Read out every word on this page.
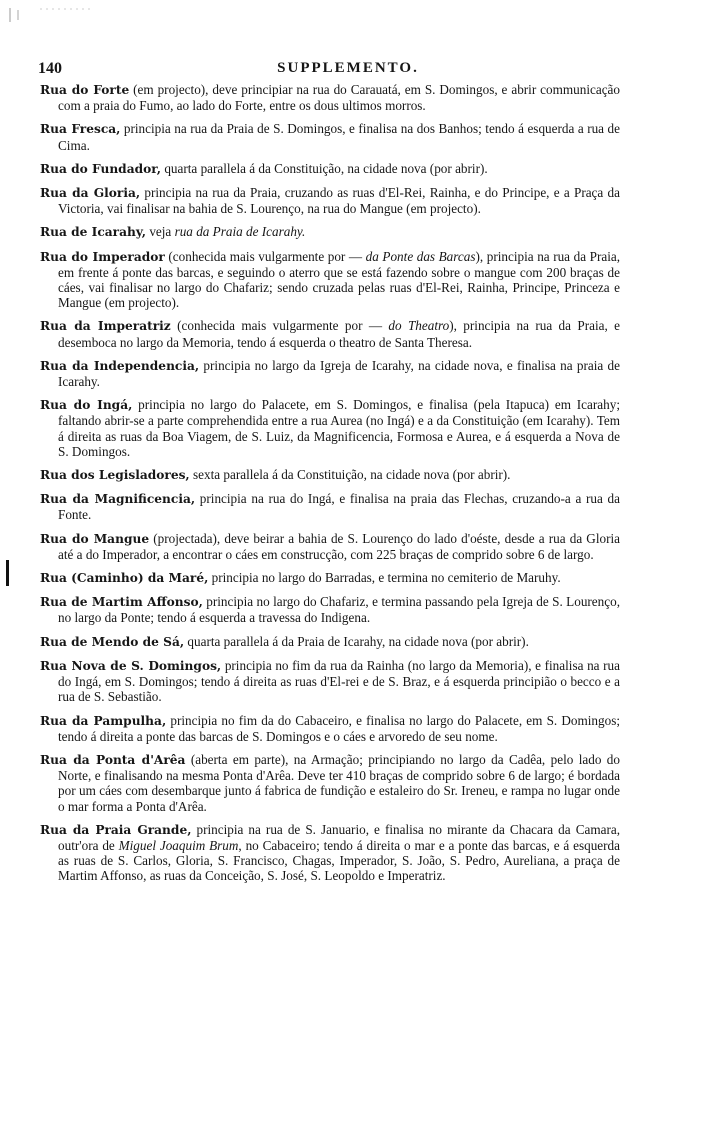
140	SUPPLEMENTO.

Rua do Forte (em projecto), deve principiar na rua do Carauatá, em S. Domingos, e abrir communicação com a praia do Fumo, ao lado do Forte, entre os dous ultimos morros.

Rua Fresca, principia na rua da Praia de S. Domingos, e finalisa na dos Banhos; tendo á esquerda a rua de Cima.

Rua do Fundador, quarta parallela á da Constituição, na cidade nova (por abrir).

Rua da Gloria, principia na rua da Praia, cruzando as ruas d'El-Rei, Rainha, e do Principe, e a Praça da Victoria, vai finalisar na bahia de S. Lourenço, na rua do Mangue (em projecto).

Rua de Icarahy, veja rua da Praia de Icarahy.

Rua do Imperador (conhecida mais vulgarmente por — da Ponte das Barcas), principia na rua da Praia, em frente á ponte das barcas, e seguindo o aterro que se está fazendo sobre o mangue com 200 braças de cáes, vai finalisar no largo do Chafariz; sendo cruzada pelas ruas d'El-Rei, Rainha, Principe, Princeza e Mangue (em projecto).

Rua da Imperatriz (conhecida mais vulgarmente por — do Theatro), principia na rua da Praia, e desemboca no largo da Memoria, tendo á esquerda o theatro de Santa Theresa.

Rua da Independencia, principia no largo da Igreja de Icarahy, na cidade nova, e finalisa na praia de Icarahy.

Rua do Ingá, principia no largo do Palacete, em S. Domingos, e finalisa (pela Itapuca) em Icarahy; faltando abrir-se a parte comprehendida entre a rua Aurea (no Ingá) e a da Constituição (em Icarahy). Tem á direita as ruas da Boa Viagem, de S. Luiz, da Magnificencia, Formosa e Aurea, e á esquerda a Nova de S. Domingos.

Rua dos Legisladores, sexta parallela á da Constituição, na cidade nova (por abrir).

Rua da Magnificencia, principia na rua do Ingá, e finalisa na praia das Flechas, cruzando-a a rua da Fonte.

Rua do Mangue (projectada), deve beirar a bahia de S. Lourenço do lado d'oéste, desde a rua da Gloria até a do Imperador, a encontrar o cáes em construcção, com 225 braças de comprido sobre 6 de largo.

Rua (Caminho) da Maré, principia no largo do Barradas, e termina no cemiterio de Maruhy.

Rua de Martim Affonso, principia no largo do Chafariz, e termina passando pela Igreja de S. Lourenço, no largo da Ponte; tendo á esquerda a travessa do Indigena.

Rua de Mendo de Sá, quarta parallela á da Praia de Icarahy, na cidade nova (por abrir).

Rua Nova de S. Domingos, principia no fim da rua da Rainha (no largo da Memoria), e finalisa na rua do Ingá, em S. Domingos; tendo á direita as ruas d'El-rei e de S. Braz, e á esquerda principião o becco e a rua de S. Sebastião.

Rua da Pampulha, principia no fim da do Cabaceiro, e finalisa no largo do Palacete, em S. Domingos; tendo á direita a ponte das barcas de S. Domingos e o cáes e arvoredo de seu nome.

Rua da Ponta d'Arêa (aberta em parte), na Armação; principiando no largo da Cadêa, pelo lado do Norte, e finalisando na mesma Ponta d'Arêa. Deve ter 410 braças de comprido sobre 6 de largo; é bordada por um cáes com desembarque junto á fabrica de fundição e estaleiro do Sr. Ireneu, e rampa no lugar onde o mar forma a Ponta d'Arêa.

Rua da Praia Grande, principia na rua de S. Januario, e finalisa no mirante da Chacara da Camara, outr'ora de Miguel Joaquim Brum, no Cabaceiro; tendo á direita o mar e a ponte das barcas, e á esquerda as ruas de S. Carlos, Gloria, S. Francisco, Chagas, Imperador, S. João, S. Pedro, Aureliana, a praça de Martim Affonso, as ruas da Conceição, S. José, S. Leopoldo e Imperatriz.
